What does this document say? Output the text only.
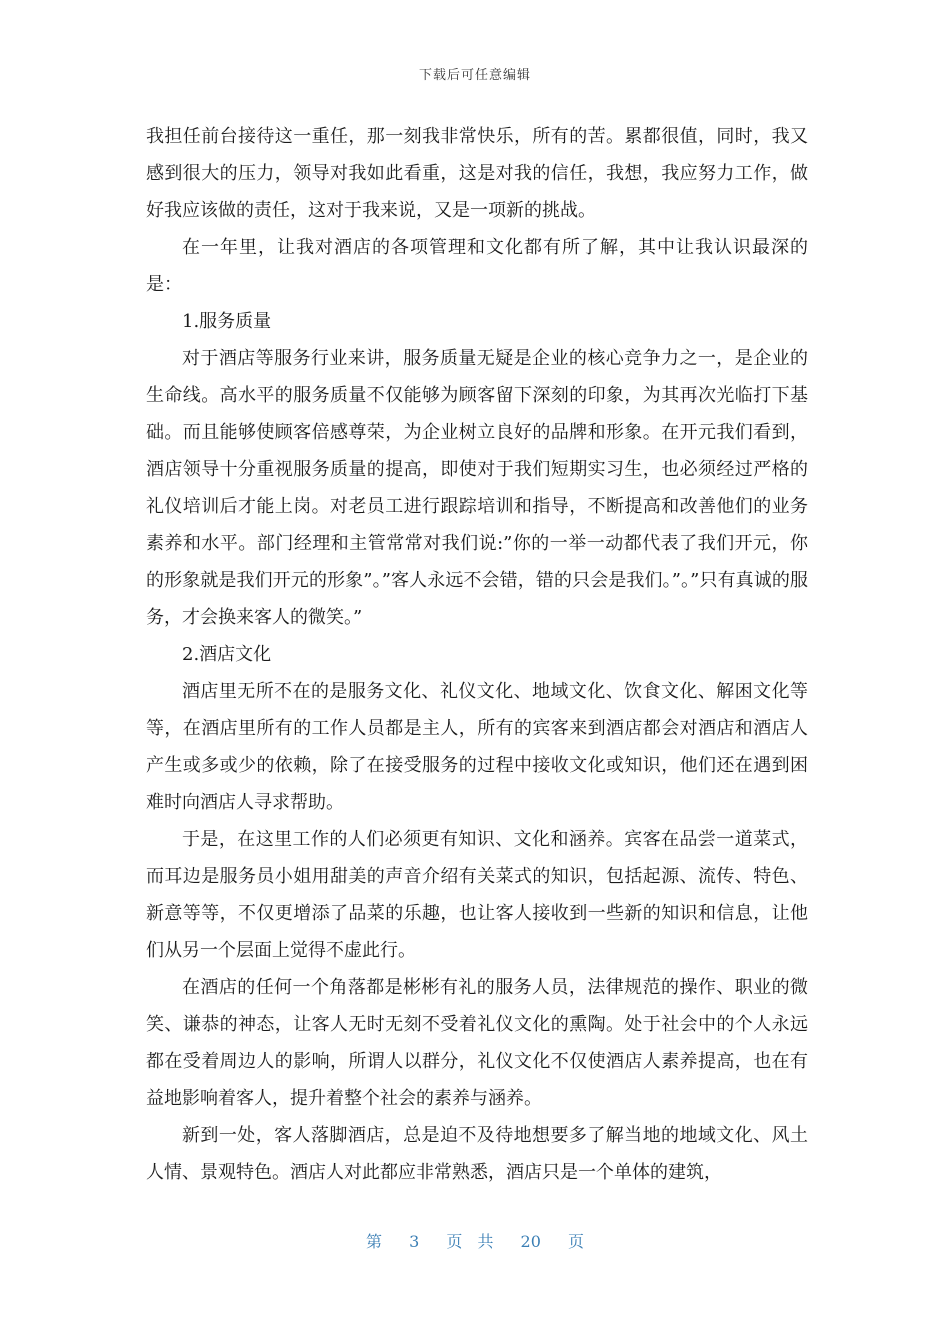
下载后可任意编辑

我担任前台接待这一重任，那一刻我非常快乐，所有的苦。累都很值，同时，我又感到很大的压力，领导对我如此看重，这是对我的信任，我想，我应努力工作，做好我应该做的责任，这对于我来说，又是一项新的挑战。

在一年里，让我对酒店的各项管理和文化都有所了解，其中让我认识最深的是：

1.服务质量

对于酒店等服务行业来讲，服务质量无疑是企业的核心竞争力之一，是企业的生命线。高水平的服务质量不仅能够为顾客留下深刻的印象，为其再次光临打下基础。而且能够使顾客倍感尊荣，为企业树立良好的品牌和形象。在开元我们看到，酒店领导十分重视服务质量的提高，即使对于我们短期实习生，也必须经过严格的礼仪培训后才能上岗。对老员工进行跟踪培训和指导，不断提高和改善他们的业务素养和水平。部门经理和主管常常对我们说:”你的一举一动都代表了我们开元，你的形象就是我们开元的形象”。”客人永远不会错，错的只会是我们。”。”只有真诚的服务，才会换来客人的微笑。”

2.酒店文化

酒店里无所不在的是服务文化、礼仪文化、地域文化、饮食文化、解困文化等等，在酒店里所有的工作人员都是主人，所有的宾客来到酒店都会对酒店和酒店人产生或多或少的依赖，除了在接受服务的过程中接收文化或知识，他们还在遇到困难时向酒店人寻求帮助。

于是，在这里工作的人们必须更有知识、文化和涵养。宾客在品尝一道菜式，而耳边是服务员小姐用甜美的声音介绍有关菜式的知识，包括起源、流传、特色、新意等等，不仅更增添了品菜的乐趣，也让客人接收到一些新的知识和信息，让他们从另一个层面上觉得不虚此行。

在酒店的任何一个角落都是彬彬有礼的服务人员，法律规范的操作、职业的微笑、谦恭的神态，让客人无时无刻不受着礼仪文化的熏陶。处于社会中的个人永远都在受着周边人的影响，所谓人以群分，礼仪文化不仅使酒店人素养提高，也在有益地影响着客人，提升着整个社会的素养与涵养。

新到一处，客人落脚酒店，总是迫不及待地想要多了解当地的地域文化、风土人情、景观特色。酒店人对此都应非常熟悉，酒店只是一个单体的建筑，

第 3 页 共 20 页
